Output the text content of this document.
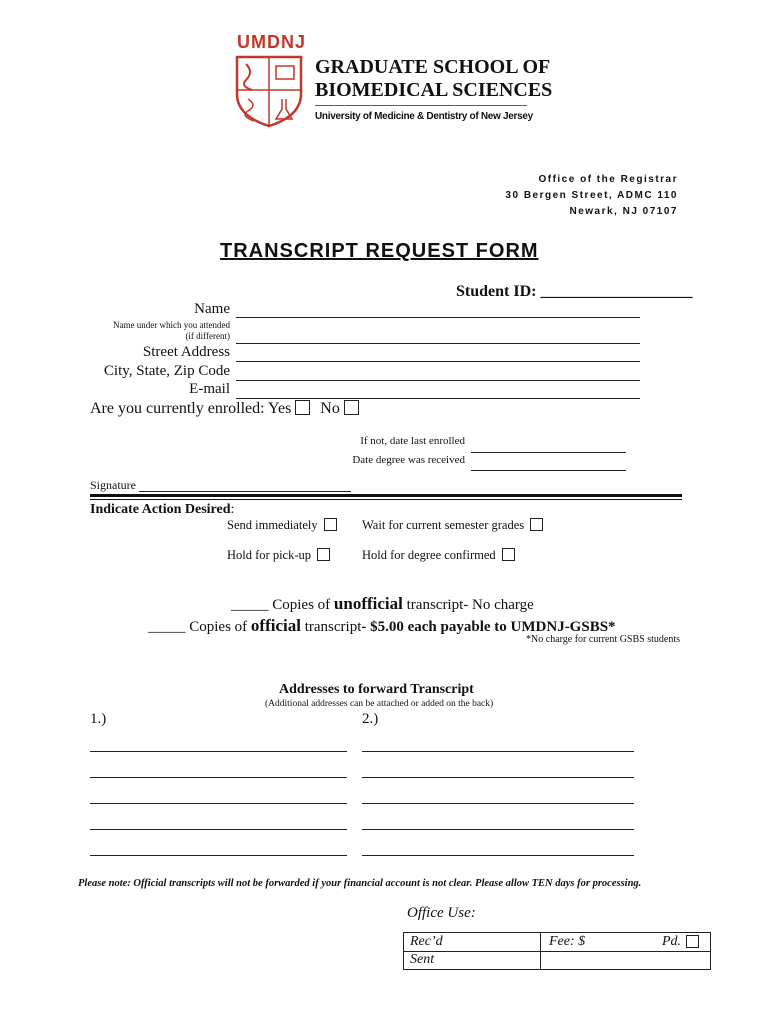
UMDNJ
GRADUATE SCHOOL OF
BIOMEDICAL SCIENCES
University of Medicine & Dentistry of New Jersey
Office of the Registrar
30 Bergen Street, ADMC 110
Newark, NJ 07107
TRANSCRIPT REQUEST FORM
Student ID: ___________________
Name
Name under which you attended
(if different)
Street Address
City, State, Zip Code
E-mail
Are you currently enrolled: Yes No
If not, date last enrolled
Date degree was received
Signature
Indicate Action Desired:
Send immediately	Wait for current semester grades
Hold for pick-up	Hold for degree confirmed
_____ Copies of unofficial transcript- No charge
_____ Copies of official transcript- $5.00 each payable to UMDNJ-GSBS*
*No charge for current GSBS students
Addresses to forward Transcript
(Additional addresses can be attached or added on the back)
1.)	2.)
Please note: Official transcripts will not be forwarded if your financial account is not clear. Please allow TEN days for processing.
Office Use:
Rec’d	Fee: $	Pd.
Sent
